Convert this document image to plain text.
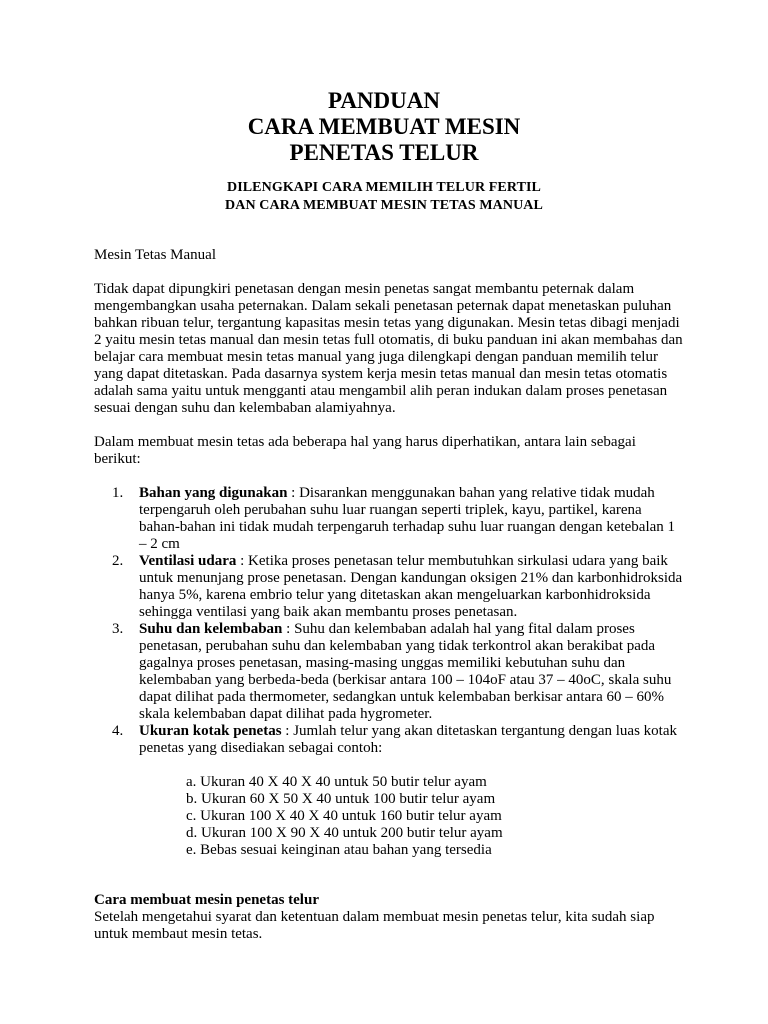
PANDUAN

CARA MEMBUAT MESIN

PENETAS TELUR

DILENGKAPI CARA MEMILIH TELUR FERTIL

DAN CARA MEMBUAT MESIN TETAS MANUAL

Mesin Tetas Manual

Tidak dapat dipungkiri penetasan dengan mesin penetas sangat membantu peternak dalam mengembangkan usaha peternakan. Dalam sekali penetasan peternak dapat menetaskan puluhan bahkan ribuan telur, tergantung kapasitas mesin tetas yang digunakan. Mesin tetas dibagi menjadi 2 yaitu mesin tetas manual dan mesin tetas full otomatis, di buku panduan ini akan membahas dan belajar cara membuat mesin tetas manual yang juga dilengkapi dengan panduan memilih telur yang dapat ditetaskan. Pada dasarnya system kerja mesin tetas manual dan mesin tetas otomatis adalah sama yaitu untuk mengganti atau mengambil alih peran indukan dalam proses penetasan sesuai dengan suhu dan kelembaban alamiyahnya.

Dalam membuat mesin tetas ada beberapa hal yang harus diperhatikan, antara lain sebagai berikut:

1. Bahan yang digunakan : Disarankan menggunakan bahan yang relative tidak mudah terpengaruh oleh perubahan suhu luar ruangan seperti triplek, kayu, partikel, karena bahan-bahan ini tidak mudah terpengaruh terhadap suhu luar ruangan dengan ketebalan 1 – 2 cm
2. Ventilasi udara : Ketika proses penetasan telur membutuhkan sirkulasi udara yang baik untuk menunjang prose penetasan. Dengan kandungan oksigen 21% dan karbonhidroksida hanya 5%, karena embrio telur yang ditetaskan akan mengeluarkan karbonhidroksida sehingga ventilasi yang baik akan membantu proses penetasan.
3. Suhu dan kelembaban : Suhu dan kelembaban adalah hal yang fital dalam proses penetasan, perubahan suhu dan kelembaban yang tidak terkontrol akan berakibat pada gagalnya proses penetasan, masing-masing unggas memiliki kebutuhan suhu dan kelembaban yang berbeda-beda (berkisar antara 100 – 104oF atau 37 – 40oC, skala suhu dapat dilihat pada thermometer, sedangkan untuk kelembaban berkisar antara 60 – 60% skala kelembaban dapat dilihat pada hygrometer.
4. Ukuran kotak penetas : Jumlah telur yang akan ditetaskan tergantung dengan luas kotak penetas yang disediakan sebagai contoh:
a. Ukuran 40 X 40 X 40 untuk 50 butir telur ayam
b. Ukuran 60 X 50 X 40 untuk 100 butir telur ayam
c. Ukuran 100 X 40 X 40 untuk 160 butir telur ayam
d. Ukuran 100 X 90 X 40 untuk 200 butir telur ayam
e. Bebas sesuai keinginan atau bahan yang tersedia

Cara membuat mesin penetas telur

Setelah mengetahui syarat dan ketentuan dalam membuat mesin penetas telur, kita sudah siap untuk membaut mesin tetas.
